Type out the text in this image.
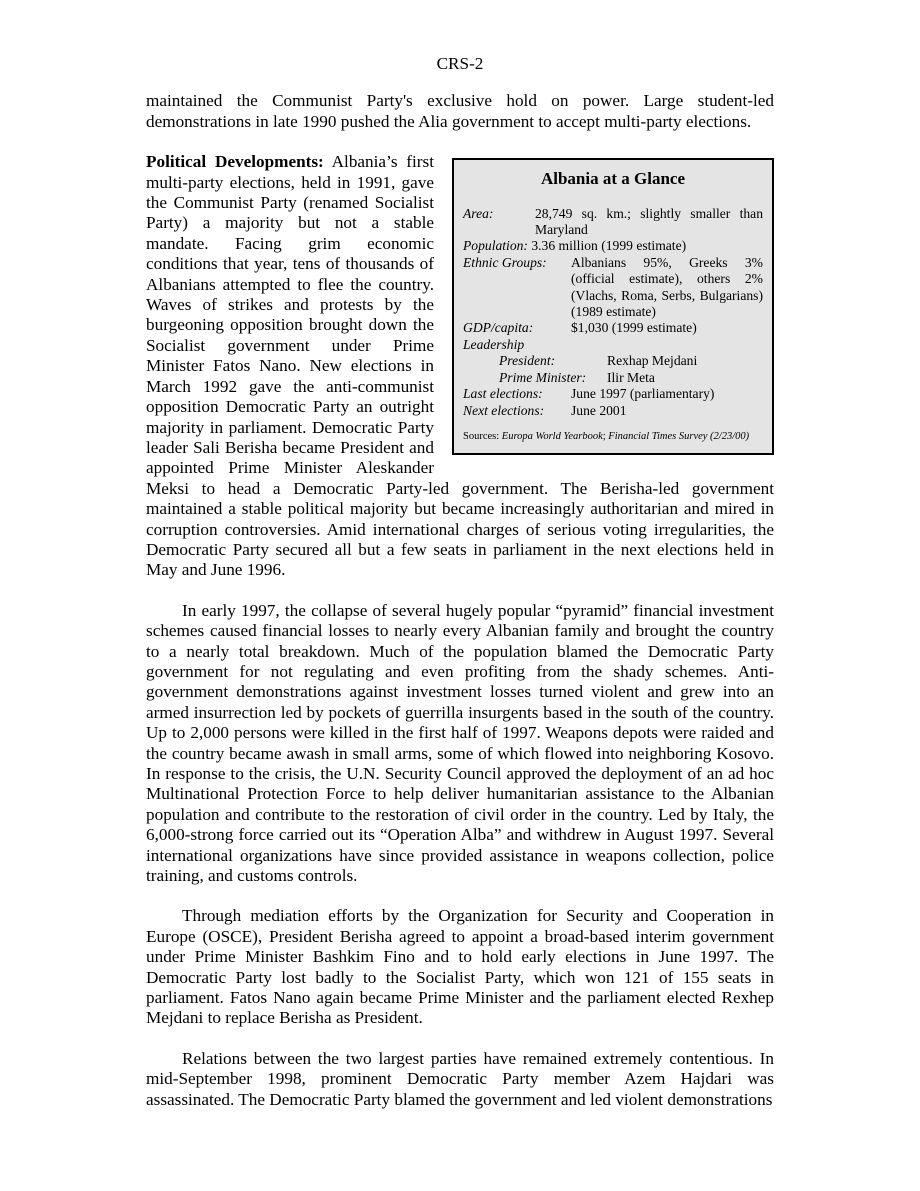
CRS-2

maintained the Communist Party's exclusive hold on power. Large student-led demonstrations in late 1990 pushed the Alia government to accept multi-party elections.

Albania at a Glance
Area:	28,749 sq. km.; slightly smaller than Maryland
Population: 3.36 million (1999 estimate)
Ethnic Groups:	Albanians 95%, Greeks 3% (official estimate), others 2% (Vlachs, Roma, Serbs, Bulgarians) (1989 estimate)
GDP/capita:	$1,030 (1999 estimate)
Leadership
President:	Rexhap Mejdani
Prime Minister:	Ilir Meta
Last elections:	June 1997 (parliamentary)
Next elections:	June 2001
Sources: Europa World Yearbook; Financial Times Survey (2/23/00)

Political Developments: Albania’s first multi-party elections, held in 1991, gave the Communist Party (renamed Socialist Party) a majority but not a stable mandate. Facing grim economic conditions that year, tens of thousands of Albanians attempted to flee the country. Waves of strikes and protests by the burgeoning opposition brought down the Socialist government under Prime Minister Fatos Nano. New elections in March 1992 gave the anti-communist opposition Democratic Party an outright majority in parliament. Democratic Party leader Sali Berisha became President and appointed Prime Minister Aleskander Meksi to head a Democratic Party-led government. The Berisha-led government maintained a stable political majority but became increasingly authoritarian and mired in corruption controversies. Amid international charges of serious voting irregularities, the Democratic Party secured all but a few seats in parliament in the next elections held in May and June 1996.

In early 1997, the collapse of several hugely popular “pyramid” financial investment schemes caused financial losses to nearly every Albanian family and brought the country to a nearly total breakdown. Much of the population blamed the Democratic Party government for not regulating and even profiting from the shady schemes. Anti-government demonstrations against investment losses turned violent and grew into an armed insurrection led by pockets of guerrilla insurgents based in the south of the country. Up to 2,000 persons were killed in the first half of 1997. Weapons depots were raided and the country became awash in small arms, some of which flowed into neighboring Kosovo. In response to the crisis, the U.N. Security Council approved the deployment of an ad hoc Multinational Protection Force to help deliver humanitarian assistance to the Albanian population and contribute to the restoration of civil order in the country. Led by Italy, the 6,000-strong force carried out its “Operation Alba” and withdrew in August 1997. Several international organizations have since provided assistance in weapons collection, police training, and customs controls.

Through mediation efforts by the Organization for Security and Cooperation in Europe (OSCE), President Berisha agreed to appoint a broad-based interim government under Prime Minister Bashkim Fino and to hold early elections in June 1997. The Democratic Party lost badly to the Socialist Party, which won 121 of 155 seats in parliament. Fatos Nano again became Prime Minister and the parliament elected Rexhep Mejdani to replace Berisha as President.

Relations between the two largest parties have remained extremely contentious. In mid-September 1998, prominent Democratic Party member Azem Hajdari was assassinated. The Democratic Party blamed the government and led violent demonstrations
